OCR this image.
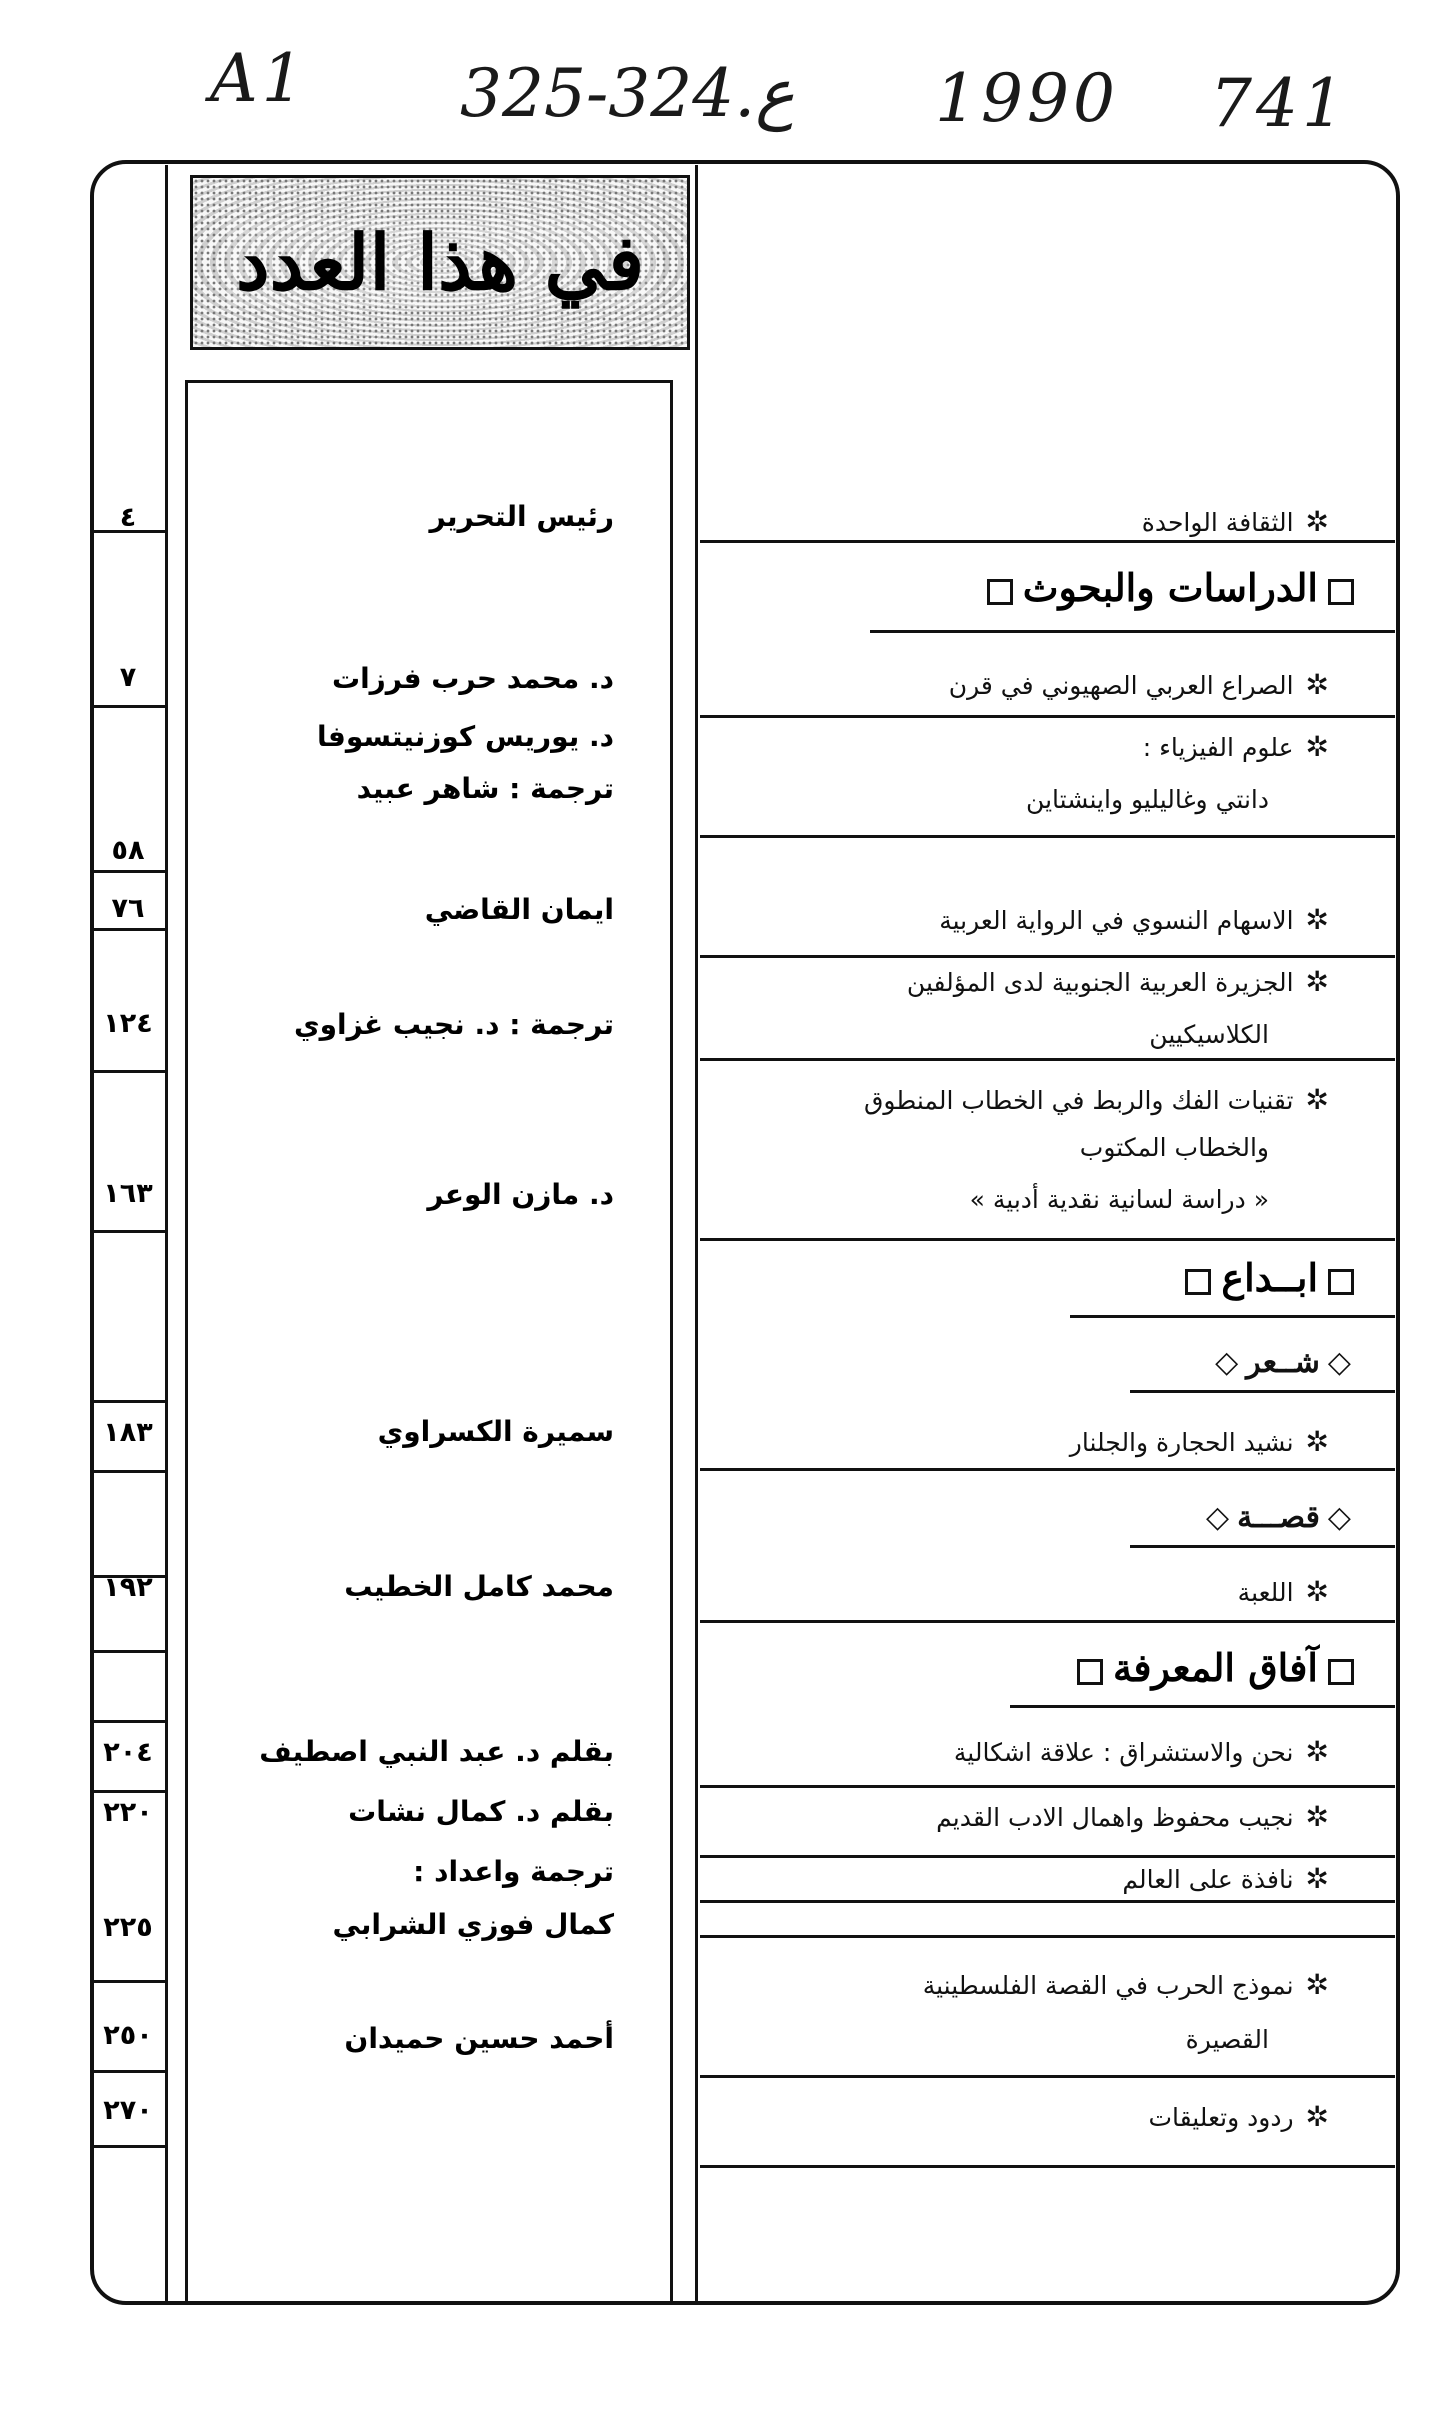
A1 325-324.ع 1990 741
في هذا العدد
الدراسات والبحوث
ابــداع
◇شــعر◇
◇قصـــة◇
آفاق المعرفة
✲الثقافة الواحدة
✲الصراع العربي الصهيوني في قرن
✲علوم الفيزياء :
دانتي وغاليليو واينشتاين
✲الاسهام النسوي في الرواية العربية
✲الجزيرة العربية الجنوبية لدى المؤلفين
الكلاسيكيين
✲تقنيات الفك والربط في الخطاب المنطوق
والخطاب المكتوب
« دراسة لسانية نقدية أدبية »
✲نشيد الحجارة والجلنار
✲اللعبة
✲نحن والاستشراق : علاقة اشكالية
✲نجيب محفوظ واهمال الادب القديم
✲نافذة على العالم
✲نموذج الحرب في القصة الفلسطينية
القصيرة
✲ردود وتعليقات
رئيس التحرير
د. محمد حرب فرزات
د. يوريس كوزنيتسوفا
ترجمة : شاهر عبيد
ايمان القاضي
ترجمة : د. نجيب غزاوي
د. مازن الوعر
سميرة الكسراوي
محمد كامل الخطيب
بقلم د. عبد النبي اصطيف
بقلم د. كمال نشات
ترجمة واعداد :
كمال فوزي الشرابي
أحمد حسين حميدان
٤
٧
٥٨
٧٦
١٢٤
١٦٣
١٨٣
١٩٢
٢٠٤
٢٢٠
٢٢٥
٢٥٠
٢٧٠
